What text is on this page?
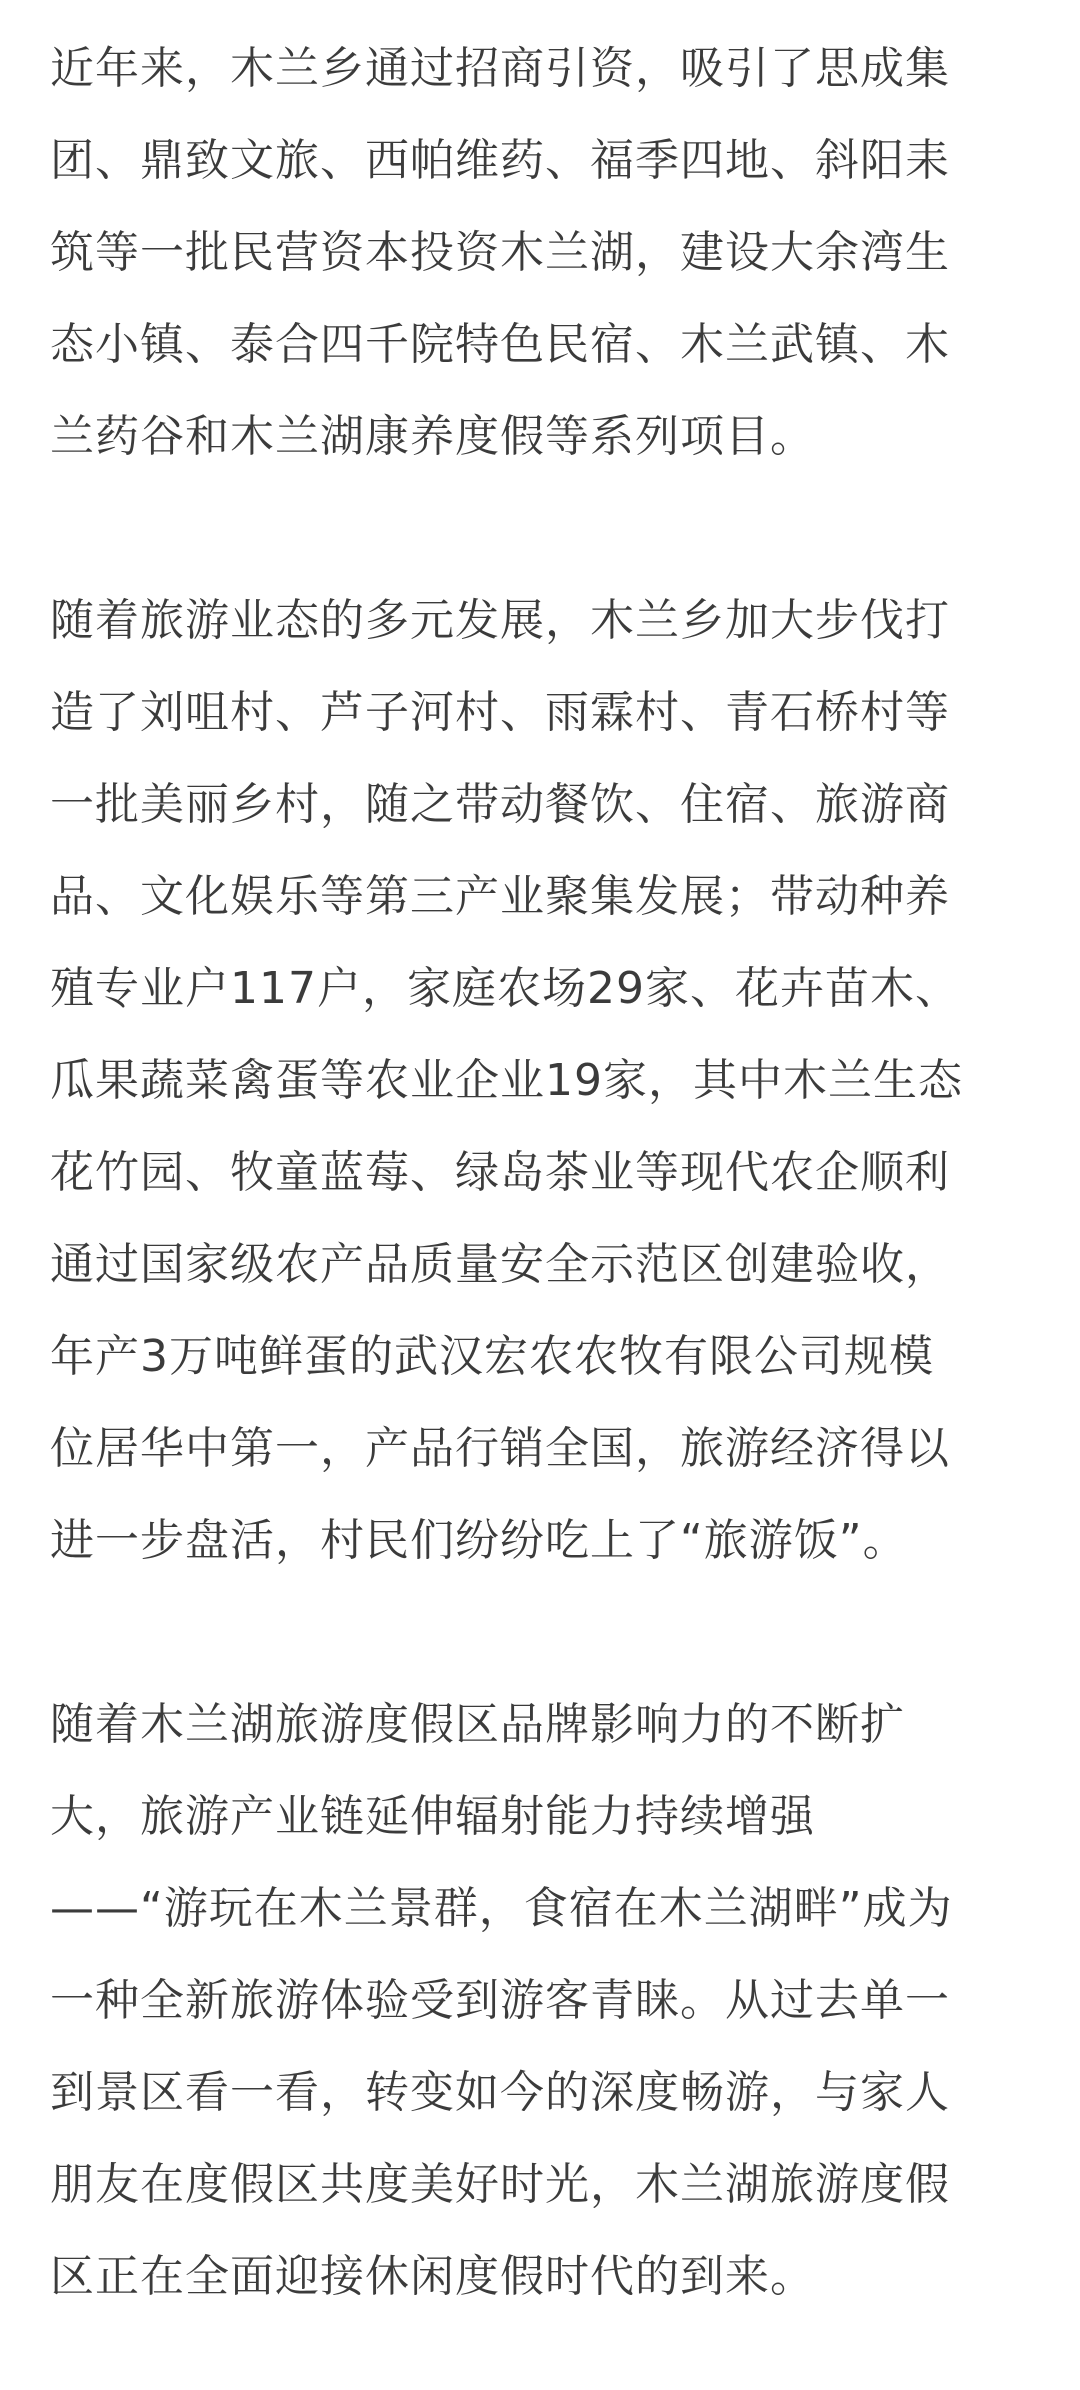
近年来，木兰乡通过招商引资，吸引了思成集
团、鼎致文旅、西帕维药、福季四地、斜阳耒
筑等一批民营资本投资木兰湖，建设大余湾生
态小镇、泰合四千院特色民宿、木兰武镇、木
兰药谷和木兰湖康养度假等系列项目。
随着旅游业态的多元发展，木兰乡加大步伐打
造了刘咀村、芦子河村、雨霖村、青石桥村等
一批美丽乡村，随之带动餐饮、住宿、旅游商
品、文化娱乐等第三产业聚集发展；带动种养
殖专业户117户，家庭农场29家、花卉苗木、
瓜果蔬菜禽蛋等农业企业19家，其中木兰生态
花竹园、牧童蓝莓、绿岛茶业等现代农企顺利
通过国家级农产品质量安全示范区创建验收，
年产3万吨鲜蛋的武汉宏农农牧有限公司规模
位居华中第一，产品行销全国，旅游经济得以
进一步盘活，村民们纷纷吃上了“旅游饭”。
随着木兰湖旅游度假区品牌影响力的不断扩
大，旅游产业链延伸辐射能力持续增强
——“游玩在木兰景群，食宿在木兰湖畔”成为
一种全新旅游体验受到游客青睐。从过去单一
到景区看一看，转变如今的深度畅游，与家人
朋友在度假区共度美好时光，木兰湖旅游度假
区正在全面迎接休闲度假时代的到来。
